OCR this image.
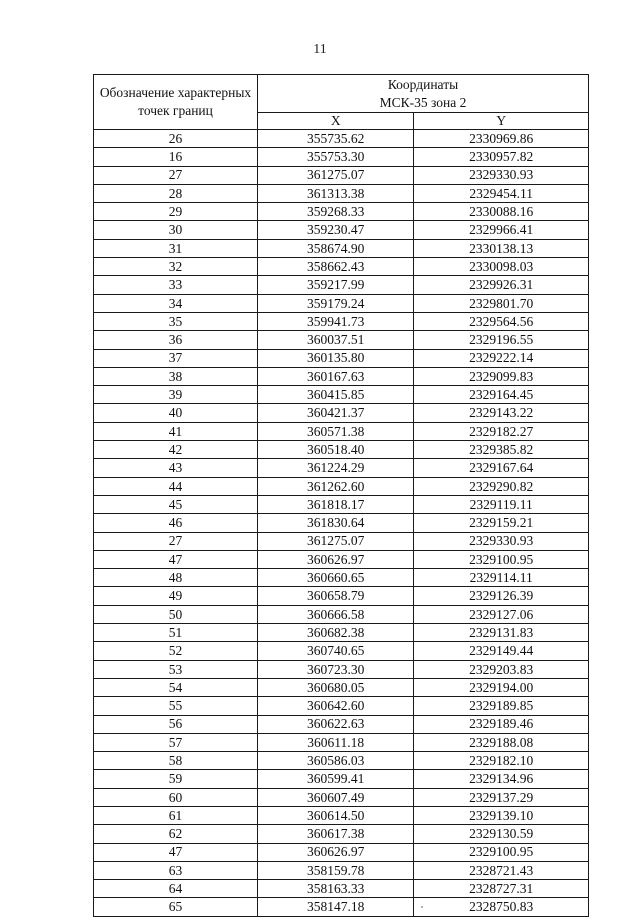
11
Обозначение характерных точек границ	Координаты
МСК-35 зона 2	

	X	Y
26	355735.62	2330969.86
16	355753.30	2330957.82
27	361275.07	2329330.93
28	361313.38	2329454.11
29	359268.33	2330088.16
30	359230.47	2329966.41
31	358674.90	2330138.13
32	358662.43	2330098.03
33	359217.99	2329926.31
34	359179.24	2329801.70
35	359941.73	2329564.56
36	360037.51	2329196.55
37	360135.80	2329222.14
38	360167.63	2329099.83
39	360415.85	2329164.45
40	360421.37	2329143.22
41	360571.38	2329182.27
42	360518.40	2329385.82
43	361224.29	2329167.64
44	361262.60	2329290.82
45	361818.17	2329119.11
46	361830.64	2329159.21
27	361275.07	2329330.93
47	360626.97	2329100.95
48	360660.65	2329114.11
49	360658.79	2329126.39
50	360666.58	2329127.06
51	360682.38	2329131.83
52	360740.65	2329149.44
53	360723.30	2329203.83
54	360680.05	2329194.00
55	360642.60	2329189.85
56	360622.63	2329189.46
57	360611.18	2329188.08
58	360586.03	2329182.10
59	360599.41	2329134.96
60	360607.49	2329137.29
61	360614.50	2329139.10
62	360617.38	2329130.59
47	360626.97	2329100.95
63	358159.78	2328721.43
64	358163.33	2328727.31
65	358147.18	2328750.83
